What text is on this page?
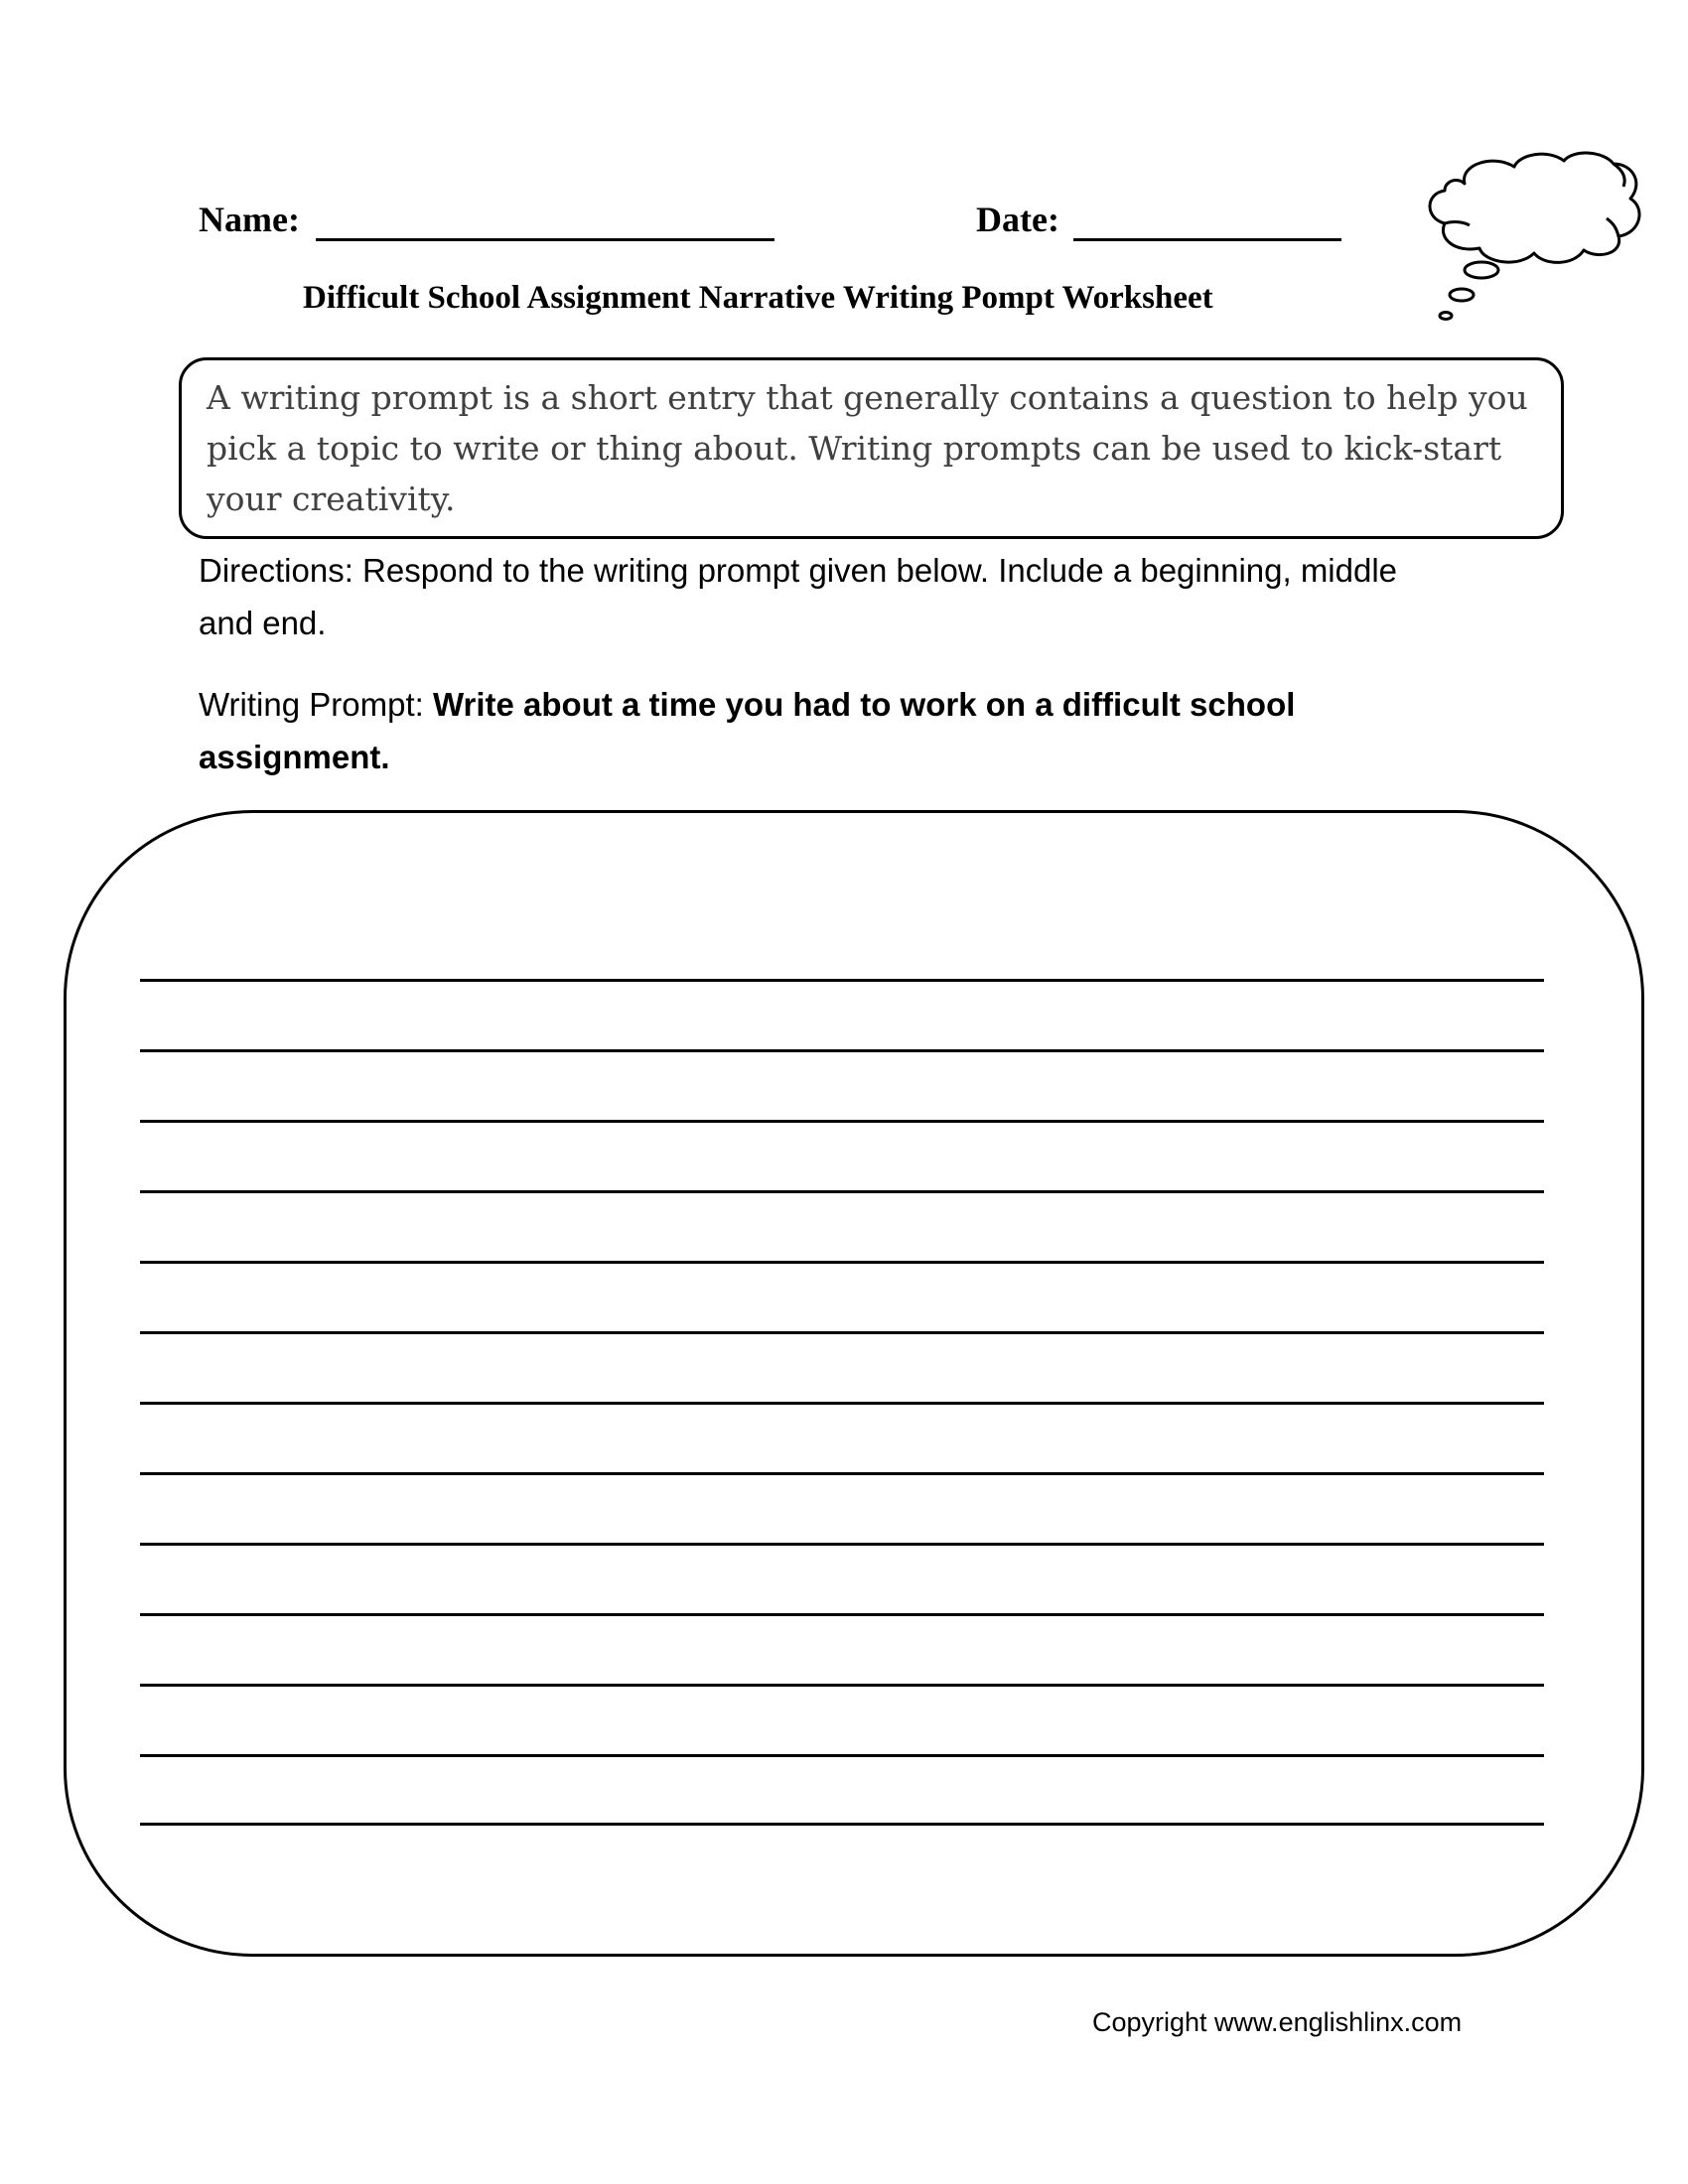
Name:	Date:
Difficult School Assignment Narrative Writing Pompt Worksheet
A writing prompt is a short entry that generally contains a question to help you pick a topic to write or thing about. Writing prompts can be used to kick-start your creativity.
Directions: Respond to the writing prompt given below. Include a beginning, middle and end.
Writing Prompt: Write about a time you had to work on a difficult school assignment.
Copyright www.englishlinx.com
